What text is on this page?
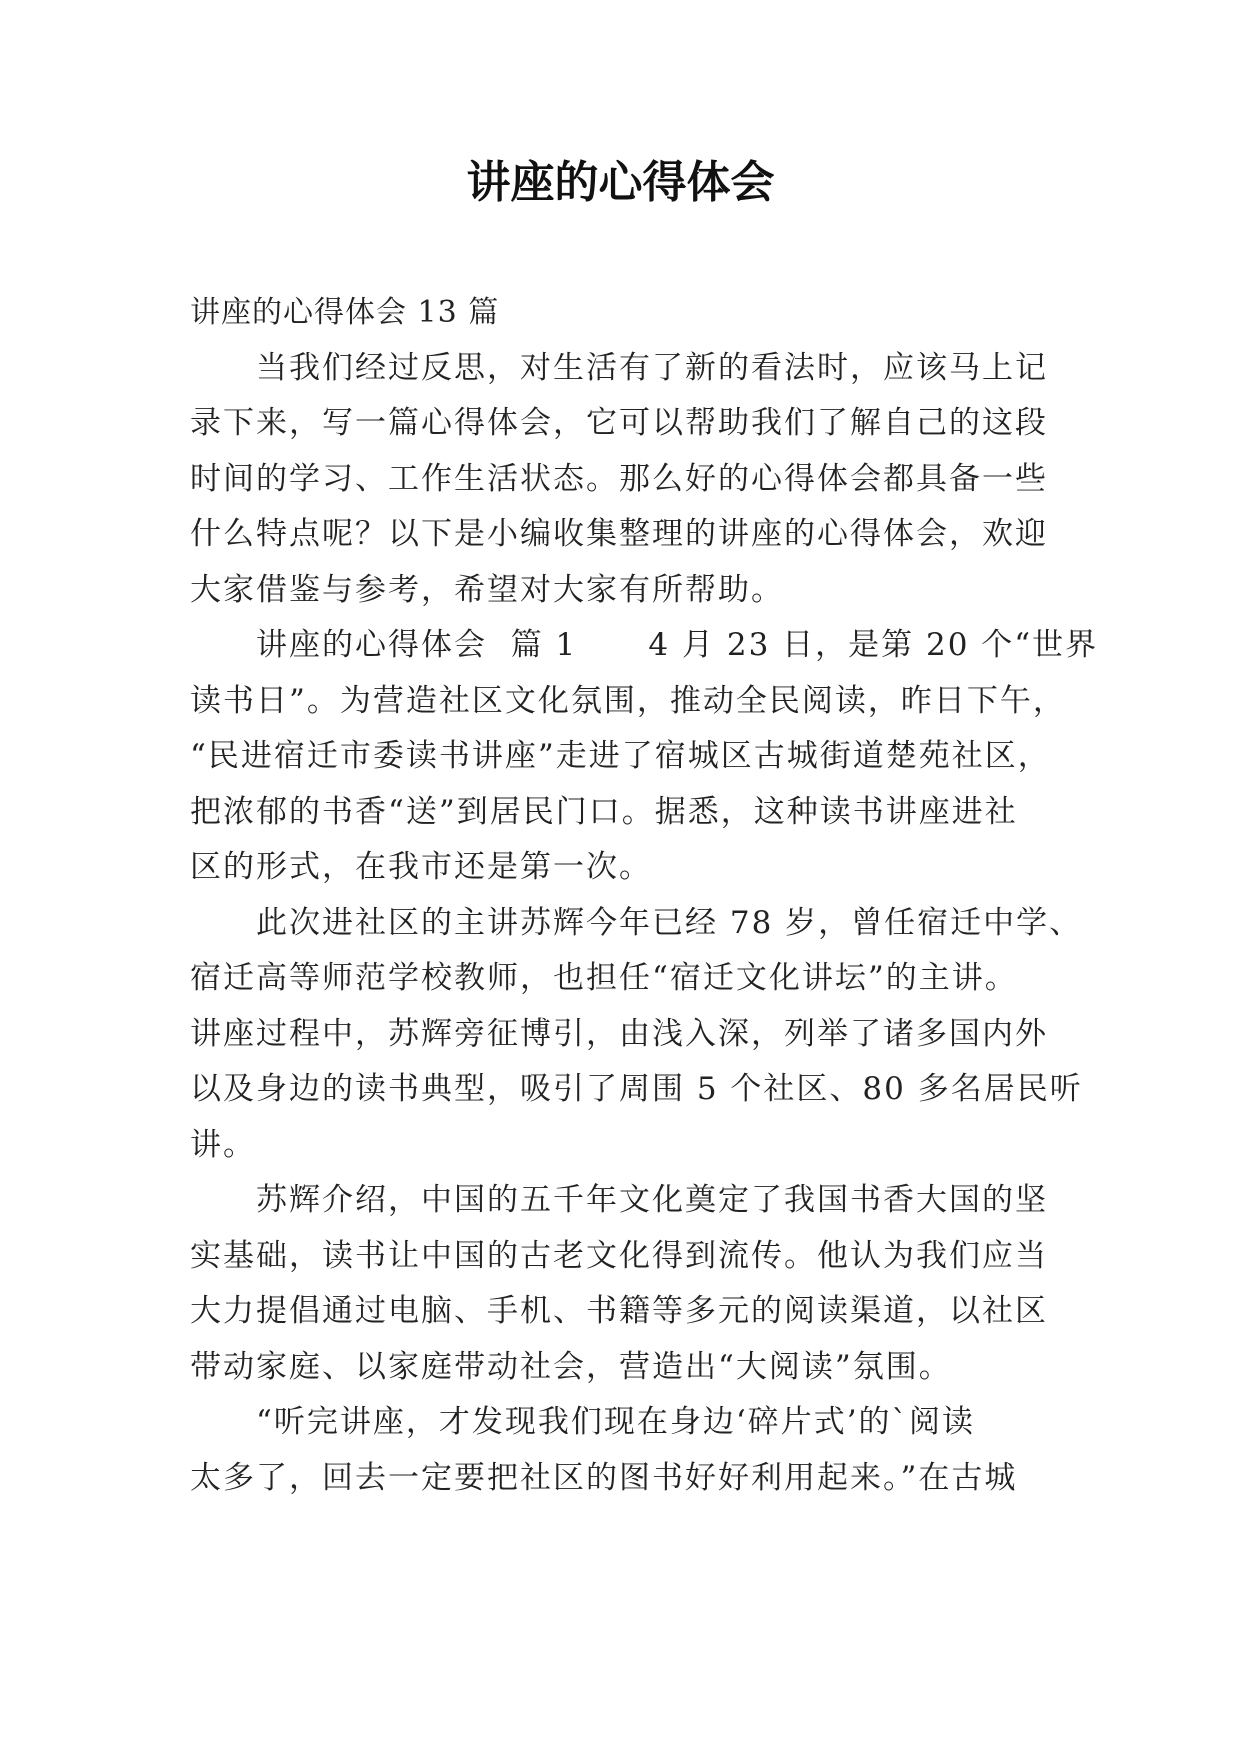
讲座的心得体会

讲座的心得体会 13 篇

当我们经过反思，对生活有了新的看法时，应该马上记

录下来，写一篇心得体会，它可以帮助我们了解自己的这段

时间的学习、工作生活状态。那么好的心得体会都具备一些

什么特点呢？以下是小编收集整理的讲座的心得体会，欢迎

大家借鉴与参考，希望对大家有所帮助。

讲座的心得体会  篇 1      4 月 23 日，是第 20 个“世界

读书日”。为营造社区文化氛围，推动全民阅读，昨日下午，

“民进宿迁市委读书讲座”走进了宿城区古城街道楚苑社区，

把浓郁的书香“送”到居民门口。据悉，这种读书讲座进社

区的形式，在我市还是第一次。

此次进社区的主讲苏辉今年已经 78 岁，曾任宿迁中学、

宿迁高等师范学校教师，也担任“宿迁文化讲坛”的主讲。

讲座过程中，苏辉旁征博引，由浅入深，列举了诸多国内外

以及身边的读书典型，吸引了周围 5 个社区、80 多名居民听

讲。

苏辉介绍，中国的五千年文化奠定了我国书香大国的坚

实基础，读书让中国的古老文化得到流传。他认为我们应当

大力提倡通过电脑、手机、书籍等多元的阅读渠道，以社区

带动家庭、以家庭带动社会，营造出“大阅读”氛围。

“听完讲座，才发现我们现在身边‘碎片式’的`阅读

太多了，回去一定要把社区的图书好好利用起来。”在古城
